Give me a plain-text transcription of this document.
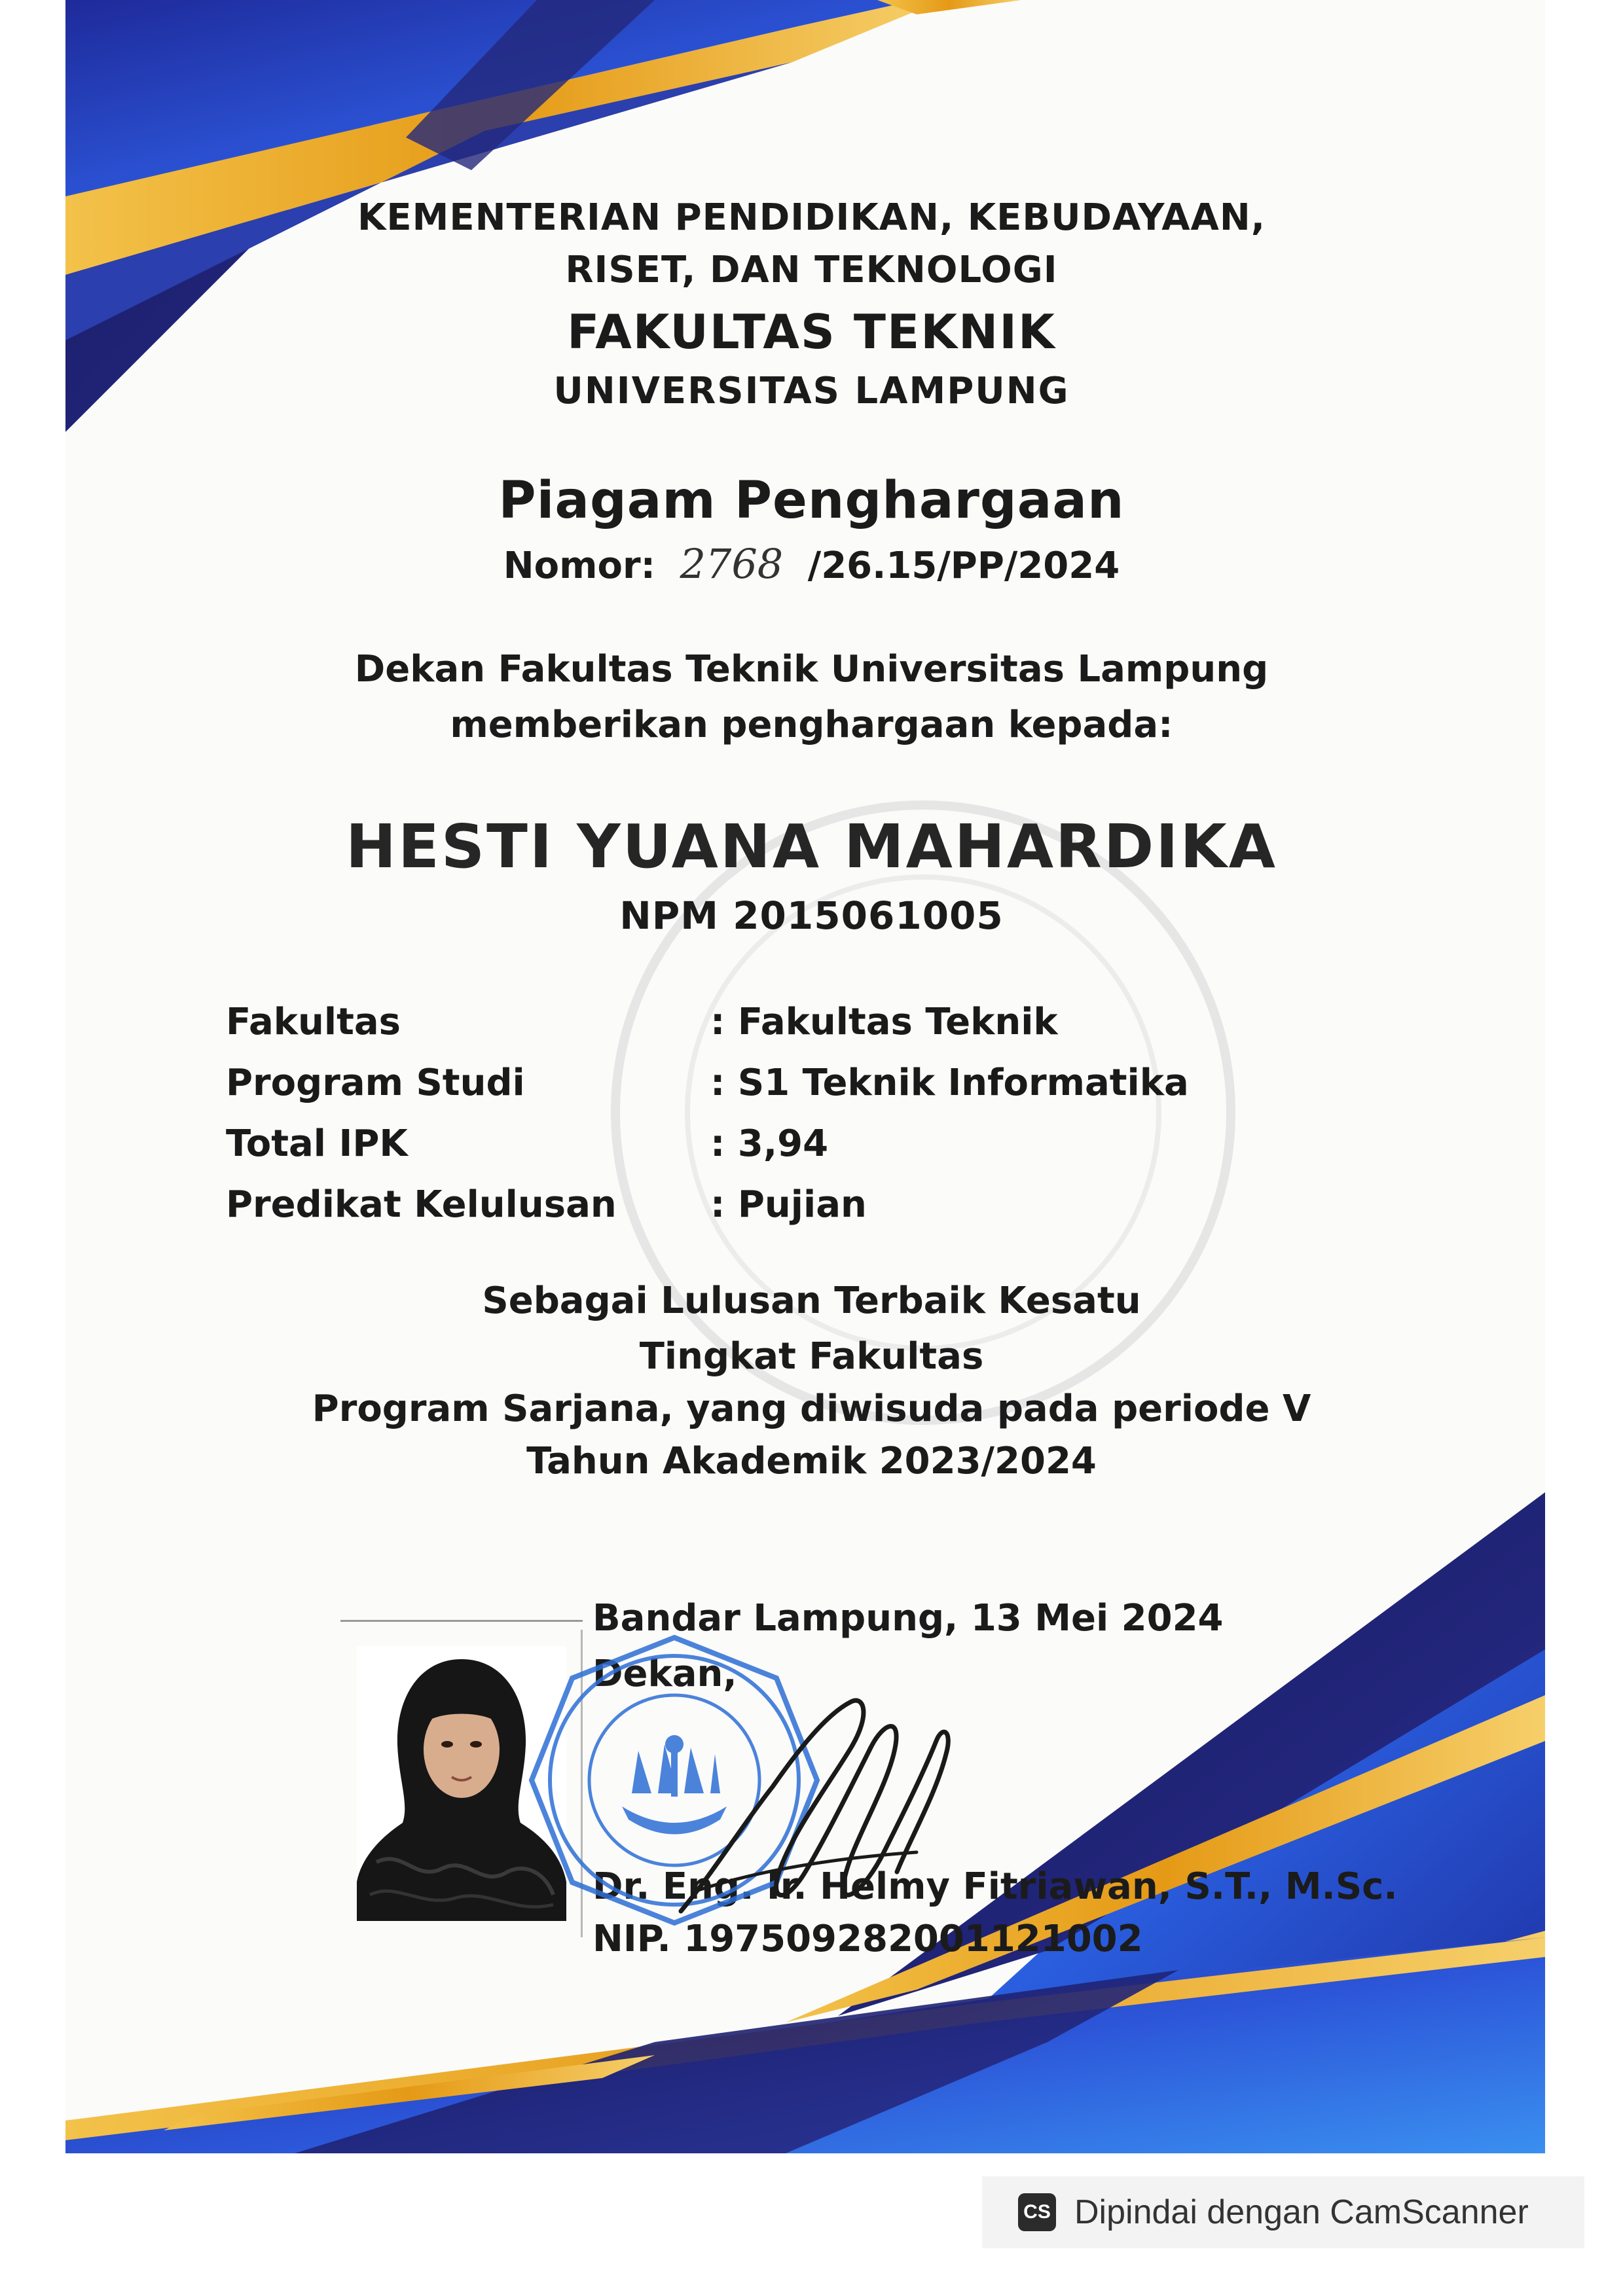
KEMENTERIAN PENDIDIKAN, KEBUDAYAAN,
RISET, DAN TEKNOLOGI
FAKULTAS TEKNIK
UNIVERSITAS LAMPUNG
Piagam Penghargaan
Nomor: 2768 /26.15/PP/2024
Dekan Fakultas Teknik Universitas Lampung
memberikan penghargaan kepada:
HESTI YUANA MAHARDIKA
NPM 2015061005
Fakultas	: Fakultas Teknik
Program Studi	: S1 Teknik Informatika
Total IPK	: 3,94
Predikat Kelulusan	: Pujian
Sebagai Lulusan Terbaik Kesatu
Tingkat Fakultas
Program Sarjana, yang diwisuda pada periode V
Tahun Akademik 2023/2024
Bandar Lampung, 13 Mei 2024
Dekan,
Dr. Eng. Ir. Helmy Fitriawan, S.T., M.Sc.
NIP. 197509282001121002
CS Dipindai dengan CamScanner
